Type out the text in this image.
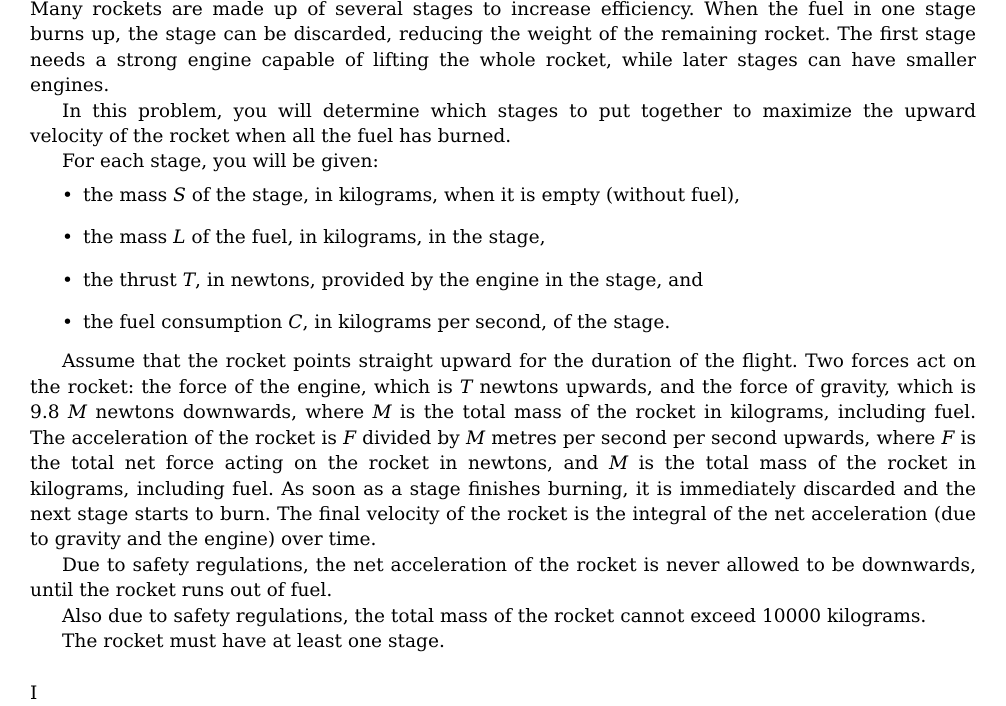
Many rockets are made up of several stages to increase efficiency. When the fuel in one stage burns up, the stage can be discarded, reducing the weight of the remaining rocket. The first stage needs a strong engine capable of lifting the whole rocket, while later stages can have smaller engines.

In this problem, you will determine which stages to put together to maximize the upward velocity of the rocket when all the fuel has burned.

For each stage, you will be given:

• the mass S of the stage, in kilograms, when it is empty (without fuel),
• the mass L of the fuel, in kilograms, in the stage,
• the thrust T, in newtons, provided by the engine in the stage, and
• the fuel consumption C, in kilograms per second, of the stage.

Assume that the rocket points straight upward for the duration of the flight. Two forces act on the rocket: the force of the engine, which is T newtons upwards, and the force of gravity, which is 9.8 M newtons downwards, where M is the total mass of the rocket in kilograms, including fuel. The acceleration of the rocket is F divided by M metres per second per second upwards, where F is the total net force acting on the rocket in newtons, and M is the total mass of the rocket in kilograms, including fuel. As soon as a stage finishes burning, it is immediately discarded and the next stage starts to burn. The final velocity of the rocket is the integral of the net acceleration (due to gravity and the engine) over time.

Due to safety regulations, the net acceleration of the rocket is never allowed to be downwards, until the rocket runs out of fuel.

Also due to safety regulations, the total mass of the rocket cannot exceed 10000 kilograms.

The rocket must have at least one stage.

I
